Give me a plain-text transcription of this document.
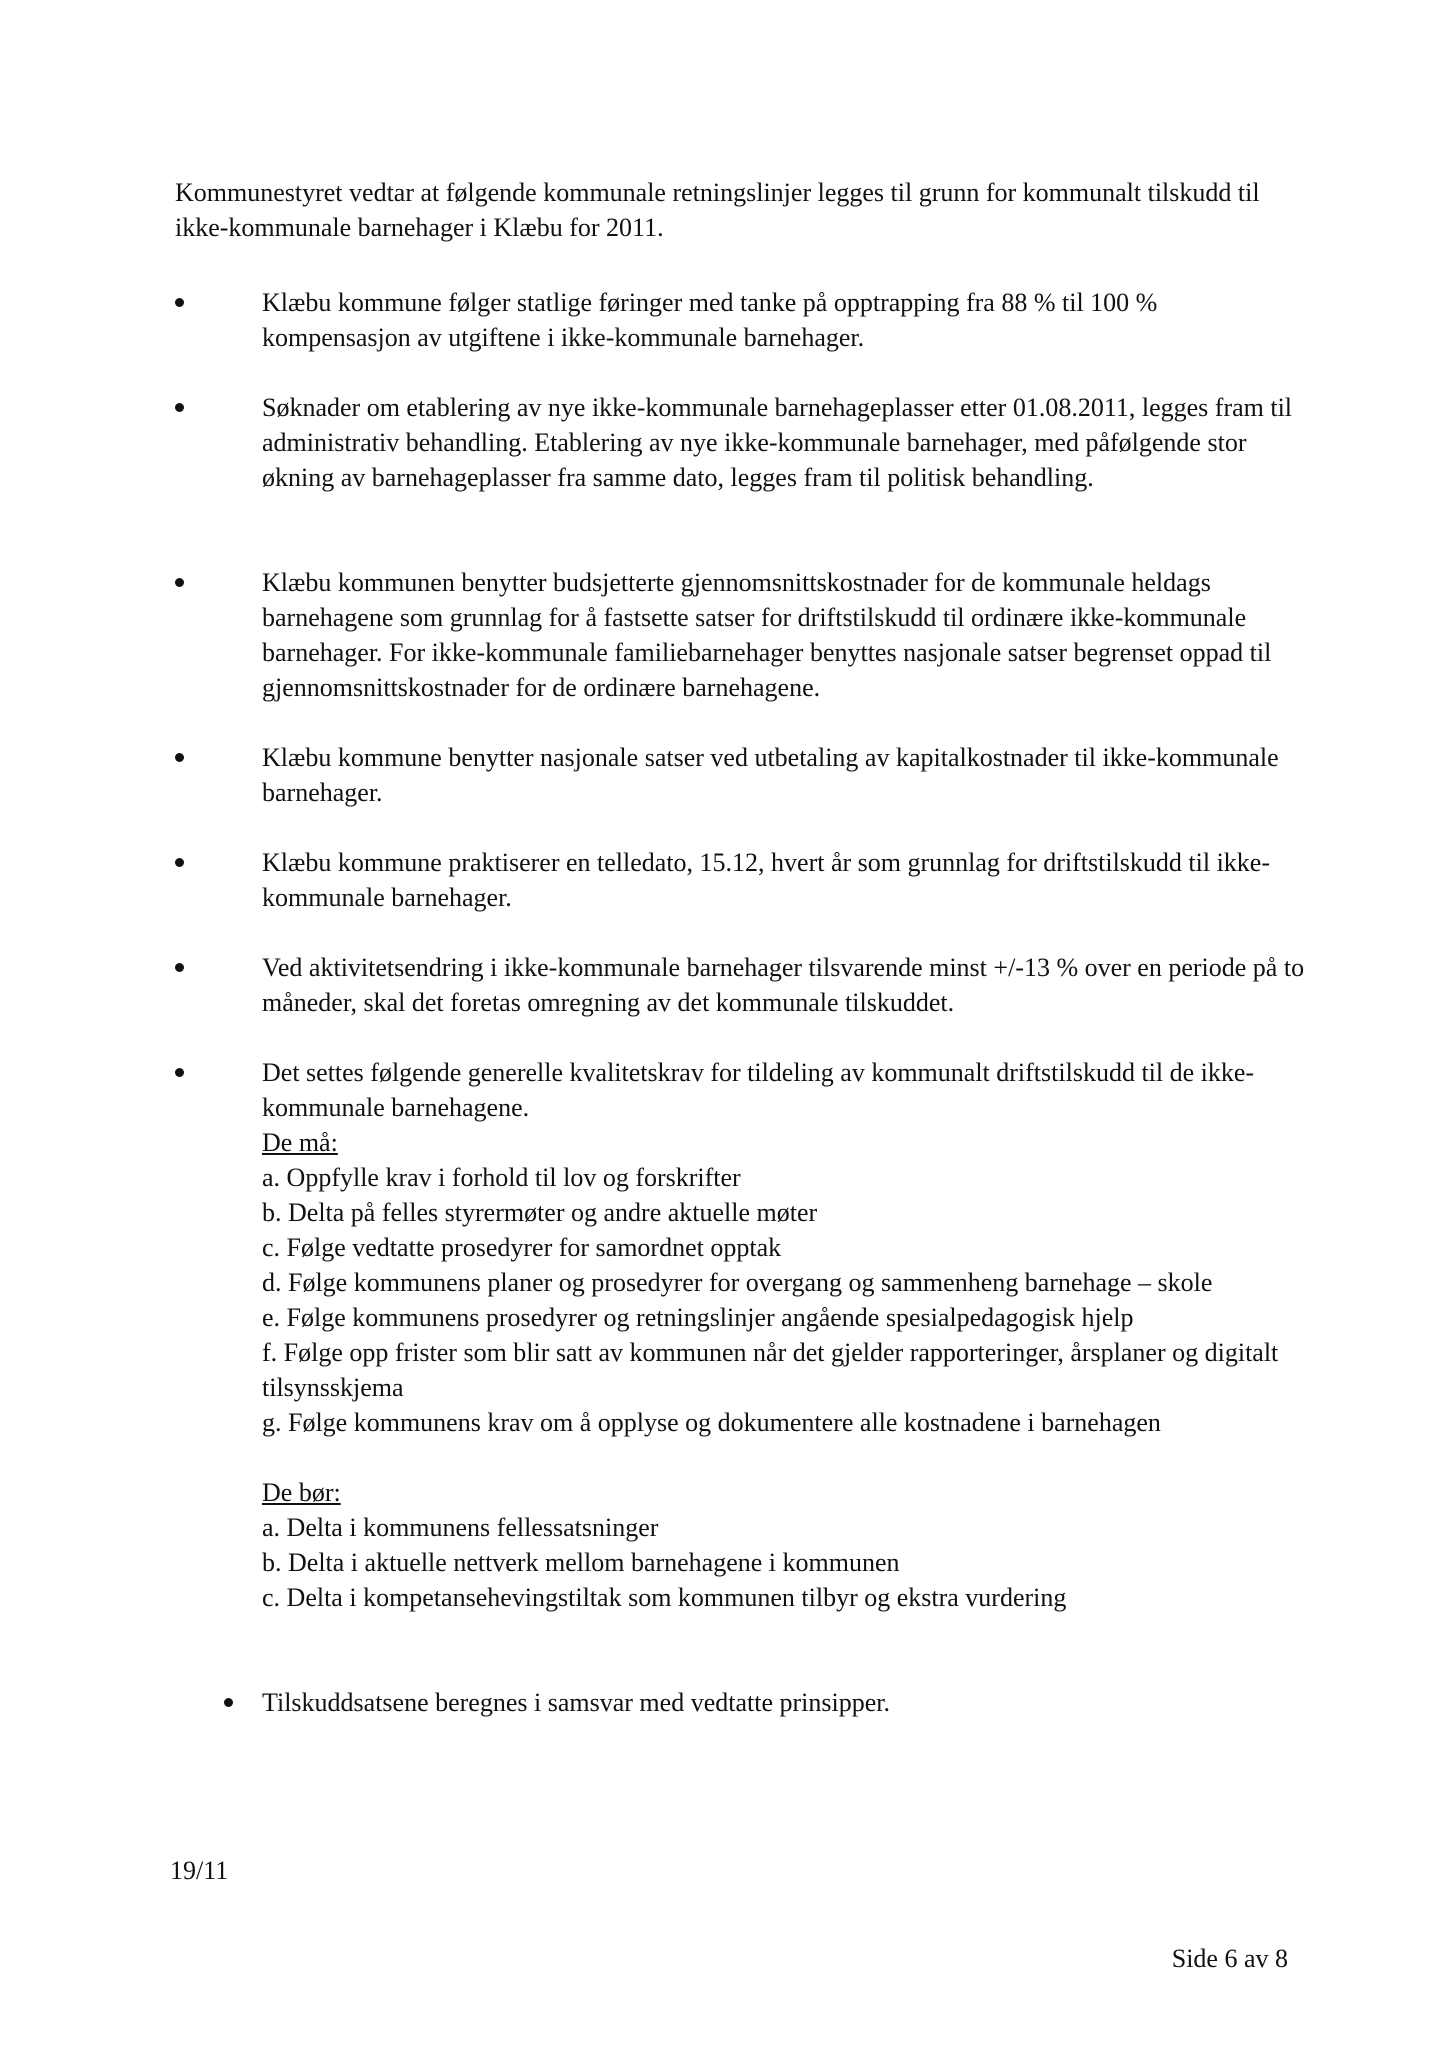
Kommunestyret vedtar at følgende kommunale retningslinjer legges til grunn for kommunalt tilskudd til ikke-kommunale barnehager i Klæbu for 2011.

Klæbu kommune følger statlige føringer med tanke på opptrapping fra 88 % til 100 % kompensasjon av utgiftene i ikke-kommunale barnehager.

Søknader om etablering av nye ikke-kommunale barnehageplasser etter 01.08.2011, legges fram til administrativ behandling. Etablering av nye ikke-kommunale barnehager, med påfølgende stor økning av barnehageplasser fra samme dato, legges fram til politisk behandling.

Klæbu kommunen benytter budsjetterte gjennomsnittskostnader for de kommunale heldags barnehagene som grunnlag for å fastsette satser for driftstilskudd til ordinære ikke-kommunale barnehager. For ikke-kommunale familiebarnehager benyttes nasjonale satser begrenset oppad til gjennomsnittskostnader for de ordinære barnehagene.

Klæbu kommune benytter nasjonale satser ved utbetaling av kapitalkostnader til ikke-kommunale barnehager.

Klæbu kommune praktiserer en telledato, 15.12, hvert år som grunnlag for driftstilskudd til ikke-kommunale barnehager.

Ved aktivitetsendring i ikke-kommunale barnehager tilsvarende minst +/-13 % over en periode på to måneder, skal det foretas omregning av det kommunale tilskuddet.

Det settes følgende generelle kvalitetskrav for tildeling av kommunalt driftstilskudd til de ikke-kommunale barnehagene.

De må:

a. Oppfylle krav i forhold til lov og forskrifter
b. Delta på felles styrermøter og andre aktuelle møter
c. Følge vedtatte prosedyrer for samordnet opptak
d. Følge kommunens planer og prosedyrer for overgang og sammenheng barnehage – skole
e. Følge kommunens prosedyrer og retningslinjer angående spesialpedagogisk hjelp
f. Følge opp frister som blir satt av kommunen når det gjelder rapporteringer, årsplaner og digitalt tilsynsskjema
g. Følge kommunens krav om å opplyse og dokumentere alle kostnadene i barnehagen

De bør:

a. Delta i kommunens fellessatsninger
b. Delta i aktuelle nettverk mellom barnehagene i kommunen
c. Delta i kompetansehevingstiltak som kommunen tilbyr og ekstra vurdering

Tilskuddsatsene beregnes i samsvar med vedtatte prinsipper.

19/11

Side 6 av 8
